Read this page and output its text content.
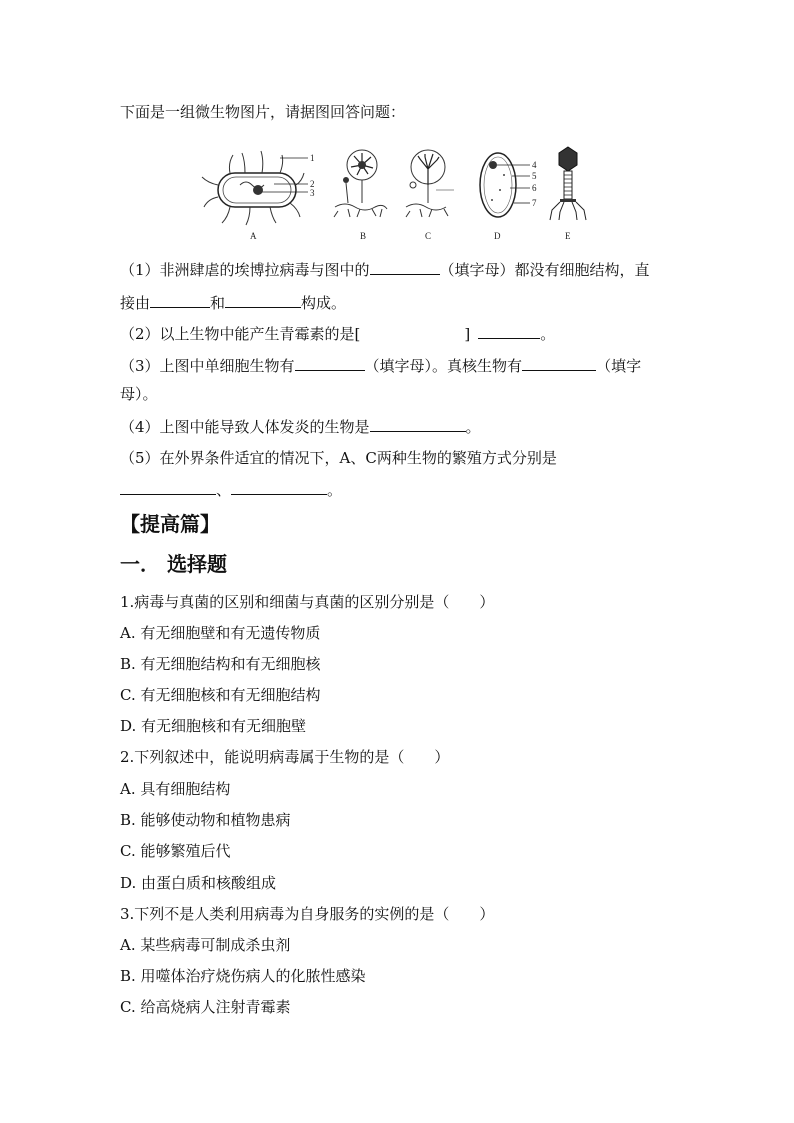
下面是一组微生物图片，请据图回答问题：
1
2
3
A	B	C
4
5
6
7
D	E
（1）非洲肆虐的埃博拉病毒与图中的	（填字母）都没有细胞结构，直
接由	和	构成。
（2）以上生物中能产生青霉素的是[	]	。
（3）上图中单细胞生物有	（填字母）。真核生物有	（填字
母）。
（4）上图中能导致人体发炎的生物是	。
（5）在外界条件适宜的情况下，A、C两种生物的繁殖方式分别是
、	。
【提高篇】
一． 选择题
1.病毒与真菌的区别和细菌与真菌的区别分别是（　　）
A. 有无细胞壁和有无遗传物质
B. 有无细胞结构和有无细胞核
C. 有无细胞核和有无细胞结构
D. 有无细胞核和有无细胞壁
2.下列叙述中，能说明病毒属于生物的是（　　）
A. 具有细胞结构
B. 能够使动物和植物患病
C. 能够繁殖后代
D. 由蛋白质和核酸组成
3.下列不是人类利用病毒为自身服务的实例的是（　　）
A. 某些病毒可制成杀虫剂
B. 用噬体治疗烧伤病人的化脓性感染
C. 给高烧病人注射青霉素
